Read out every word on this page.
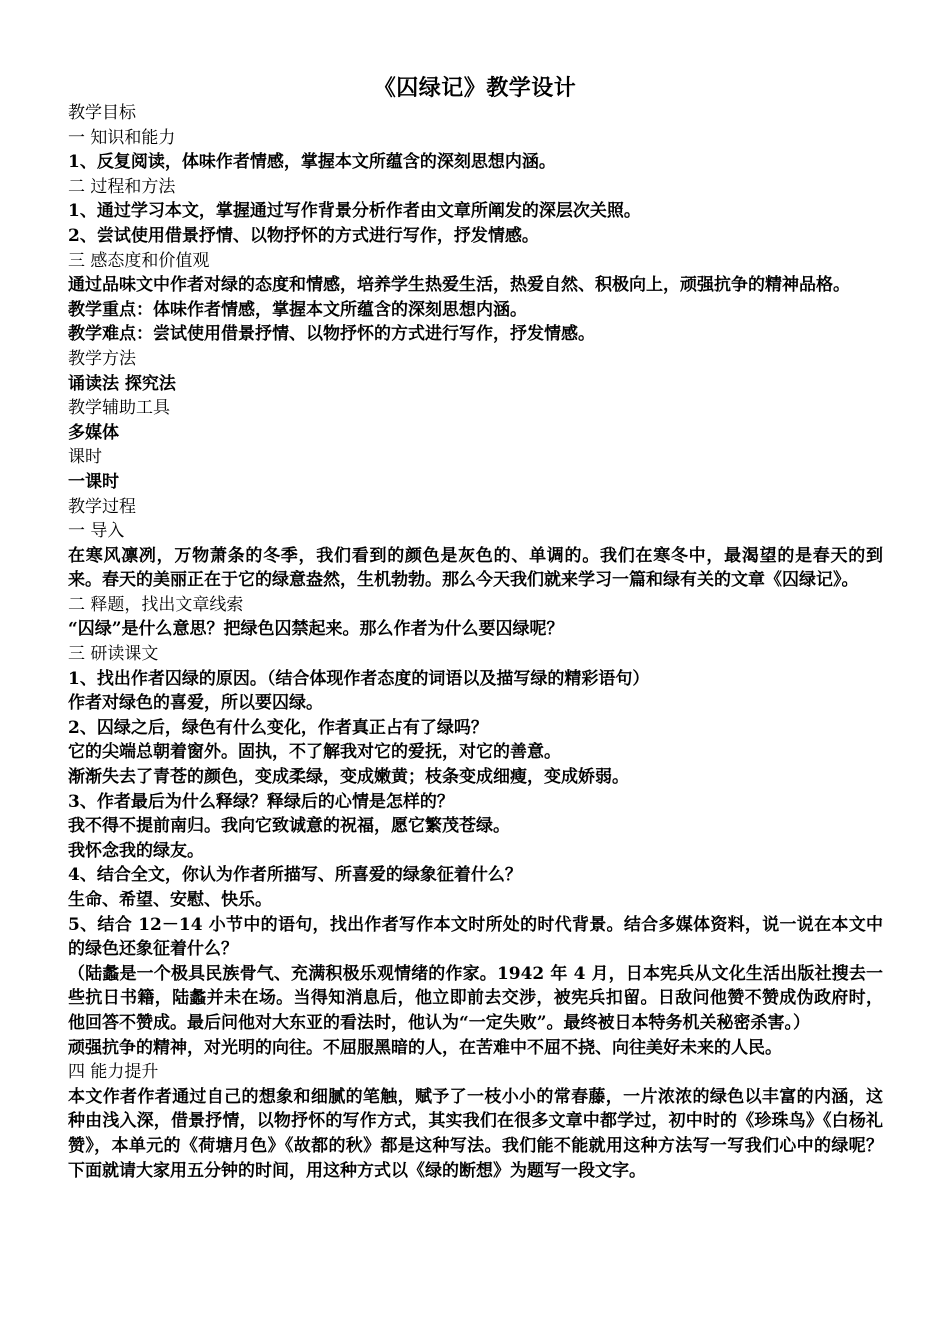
《囚绿记》教学设计

教学目标

一 知识和能力

1、反复阅读，体味作者情感，掌握本文所蕴含的深刻思想内涵。

二 过程和方法

1、通过学习本文，掌握通过写作背景分析作者由文章所阐发的深层次关照。

2、尝试使用借景抒情、以物抒怀的方式进行写作，抒发情感。

三 感态度和价值观

通过品味文中作者对绿的态度和情感，培养学生热爱生活，热爱自然、积极向上，顽强抗争的精神品格。

教学重点：体味作者情感，掌握本文所蕴含的深刻思想内涵。

教学难点：尝试使用借景抒情、以物抒怀的方式进行写作，抒发情感。

教学方法

诵读法 探究法

教学辅助工具

多媒体

课时

一课时

教学过程

一 导入

在寒风凛冽，万物萧条的冬季，我们看到的颜色是灰色的、单调的。我们在寒冬中，最渴望的是春天的到来。春天的美丽正在于它的绿意盎然，生机勃勃。那么今天我们就来学习一篇和绿有关的文章《囚绿记》。

二 释题，找出文章线索

“囚绿”是什么意思？把绿色囚禁起来。那么作者为什么要囚绿呢？

三 研读课文

1、找出作者囚绿的原因。（结合体现作者态度的词语以及描写绿的精彩语句）

作者对绿色的喜爱，所以要囚绿。

2、囚绿之后，绿色有什么变化，作者真正占有了绿吗？

它的尖端总朝着窗外。固执，不了解我对它的爱抚，对它的善意。

渐渐失去了青苍的颜色，变成柔绿，变成嫩黄；枝条变成细瘦，变成娇弱。

3、作者最后为什么释绿？释绿后的心情是怎样的？

我不得不提前南归。我向它致诚意的祝福，愿它繁茂苍绿。

我怀念我的绿友。

4、结合全文，你认为作者所描写、所喜爱的绿象征着什么？

生命、希望、安慰、快乐。

5、结合 12－14 小节中的语句，找出作者写作本文时所处的时代背景。结合多媒体资料，说一说在本文中的绿色还象征着什么？

（陆蠡是一个极具民族骨气、充满积极乐观情绪的作家。1942 年 4 月，日本宪兵从文化生活出版社搜去一些抗日书籍，陆蠡并未在场。当得知消息后，他立即前去交涉，被宪兵扣留。日敌问他赞不赞成伪政府时，他回答不赞成。最后问他对大东亚的看法时，他认为“一定失败”。最终被日本特务机关秘密杀害。）

顽强抗争的精神，对光明的向往。不屈服黑暗的人，在苦难中不屈不挠、向往美好未来的人民。

四 能力提升

本文作者作者通过自己的想象和细腻的笔触，赋予了一枝小小的常春藤，一片浓浓的绿色以丰富的内涵，这种由浅入深，借景抒情，以物抒怀的写作方式，其实我们在很多文章中都学过，初中时的《珍珠鸟》《白杨礼赞》，本单元的《荷塘月色》《故都的秋》都是这种写法。我们能不能就用这种方法写一写我们心中的绿呢？下面就请大家用五分钟的时间，用这种方式以《绿的断想》为题写一段文字。
